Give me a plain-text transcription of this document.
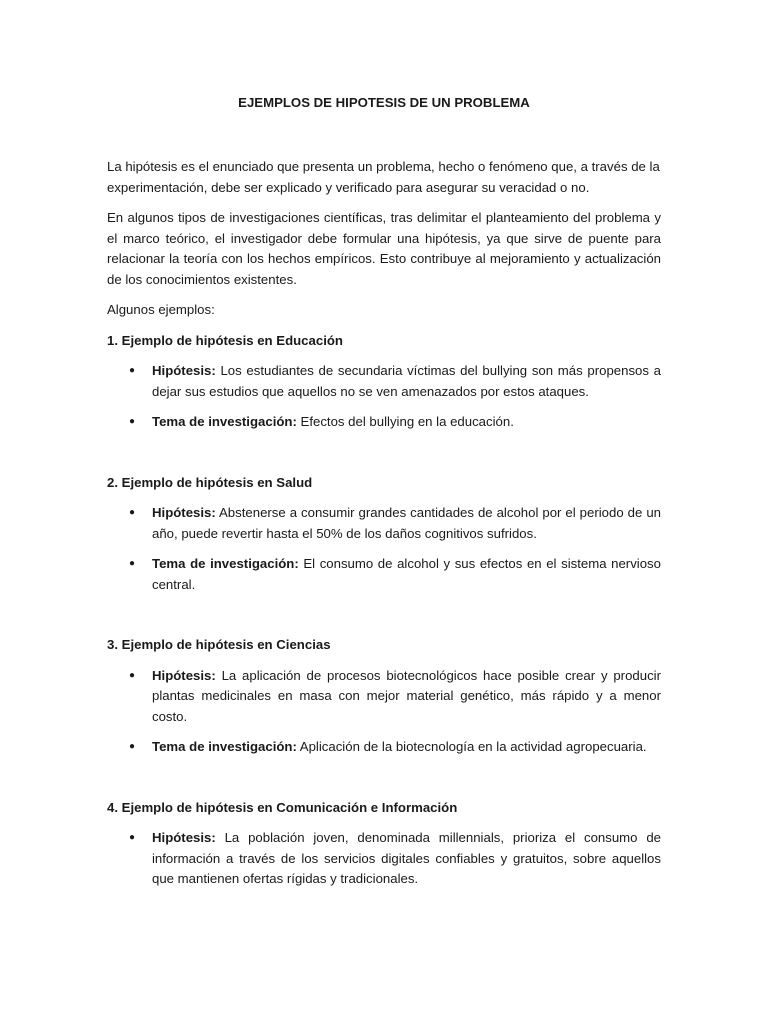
EJEMPLOS DE HIPOTESIS DE UN PROBLEMA

La hipótesis es el enunciado que presenta un problema, hecho o fenómeno que, a través de la experimentación, debe ser explicado y verificado para asegurar su veracidad o no.

En algunos tipos de investigaciones científicas, tras delimitar el planteamiento del problema y el marco teórico, el investigador debe formular una hipótesis, ya que sirve de puente para relacionar la teoría con los hechos empíricos. Esto contribuye al mejoramiento y actualización de los conocimientos existentes.

Algunos ejemplos:

1. Ejemplo de hipótesis en Educación
● Hipótesis: Los estudiantes de secundaria víctimas del bullying son más propensos a dejar sus estudios que aquellos no se ven amenazados por estos ataques.
● Tema de investigación: Efectos del bullying en la educación.
2. Ejemplo de hipótesis en Salud
● Hipótesis: Abstenerse a consumir grandes cantidades de alcohol por el periodo de un año, puede revertir hasta el 50% de los daños cognitivos sufridos.
● Tema de investigación: El consumo de alcohol y sus efectos en el sistema nervioso central.
3. Ejemplo de hipótesis en Ciencias
● Hipótesis: La aplicación de procesos biotecnológicos hace posible crear y producir plantas medicinales en masa con mejor material genético, más rápido y a menor costo.
● Tema de investigación: Aplicación de la biotecnología en la actividad agropecuaria.
4. Ejemplo de hipótesis en Comunicación e Información
● Hipótesis: La población joven, denominada millennials, prioriza el consumo de información a través de los servicios digitales confiables y gratuitos, sobre aquellos que mantienen ofertas rígidas y tradicionales.
